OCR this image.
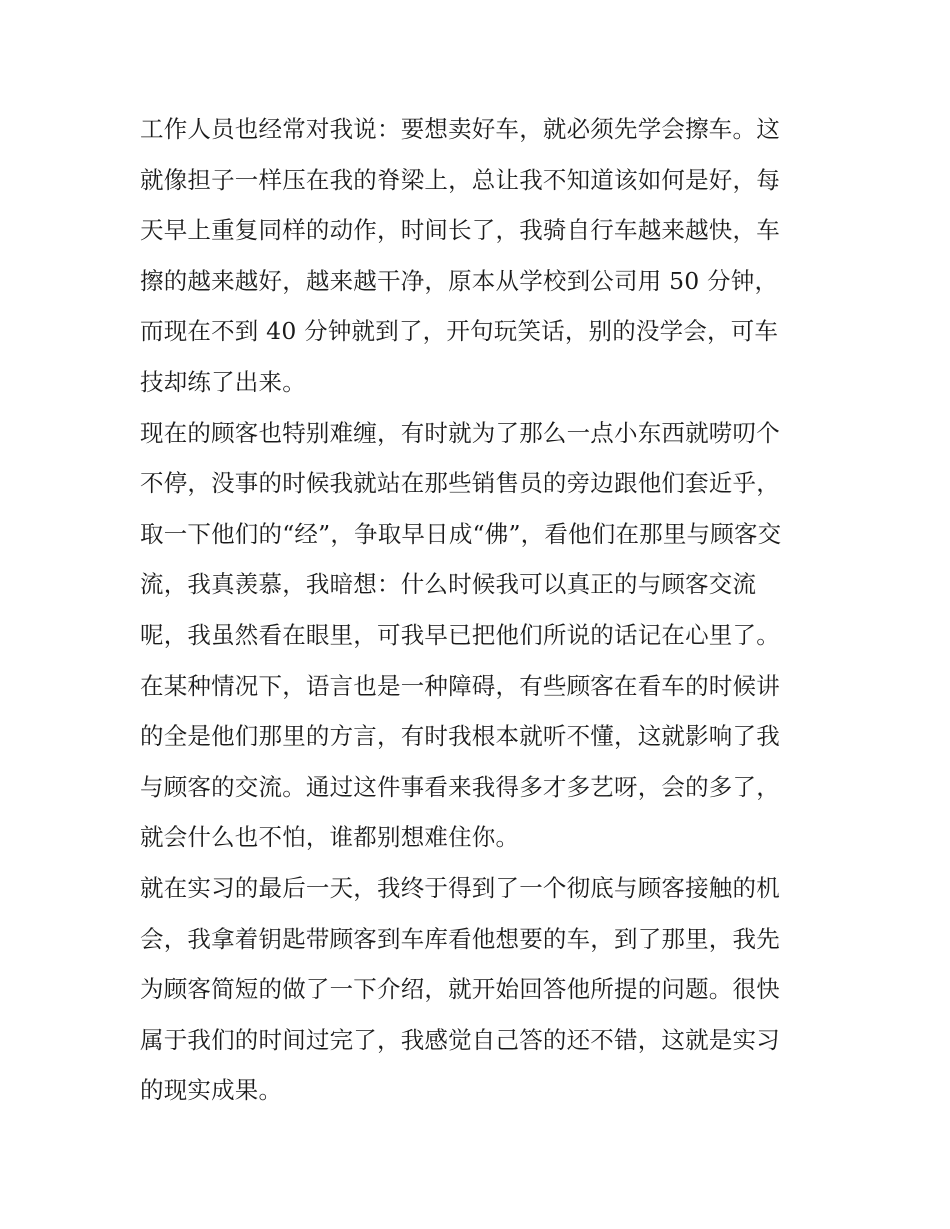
工作人员也经常对我说：要想卖好车，就必须先学会擦车。这
就像担子一样压在我的脊梁上，总让我不知道该如何是好，每
天早上重复同样的动作，时间长了，我骑自行车越来越快，车
擦的越来越好，越来越干净，原本从学校到公司用 50 分钟，
而现在不到 40 分钟就到了，开句玩笑话，别的没学会，可车
技却练了出来。
现在的顾客也特别难缠，有时就为了那么一点小东西就唠叨个
不停，没事的时候我就站在那些销售员的旁边跟他们套近乎，
取一下他们的“经”，争取早日成“佛”，看他们在那里与顾客交
流，我真羡慕，我暗想：什么时候我可以真正的与顾客交流
呢，我虽然看在眼里，可我早已把他们所说的话记在心里了。
在某种情况下，语言也是一种障碍，有些顾客在看车的时候讲
的全是他们那里的方言，有时我根本就听不懂，这就影响了我
与顾客的交流。通过这件事看来我得多才多艺呀，会的多了，
就会什么也不怕，谁都别想难住你。
就在实习的最后一天，我终于得到了一个彻底与顾客接触的机
会，我拿着钥匙带顾客到车库看他想要的车，到了那里，我先
为顾客简短的做了一下介绍，就开始回答他所提的问题。很快
属于我们的时间过完了，我感觉自己答的还不错，这就是实习
的现实成果。
